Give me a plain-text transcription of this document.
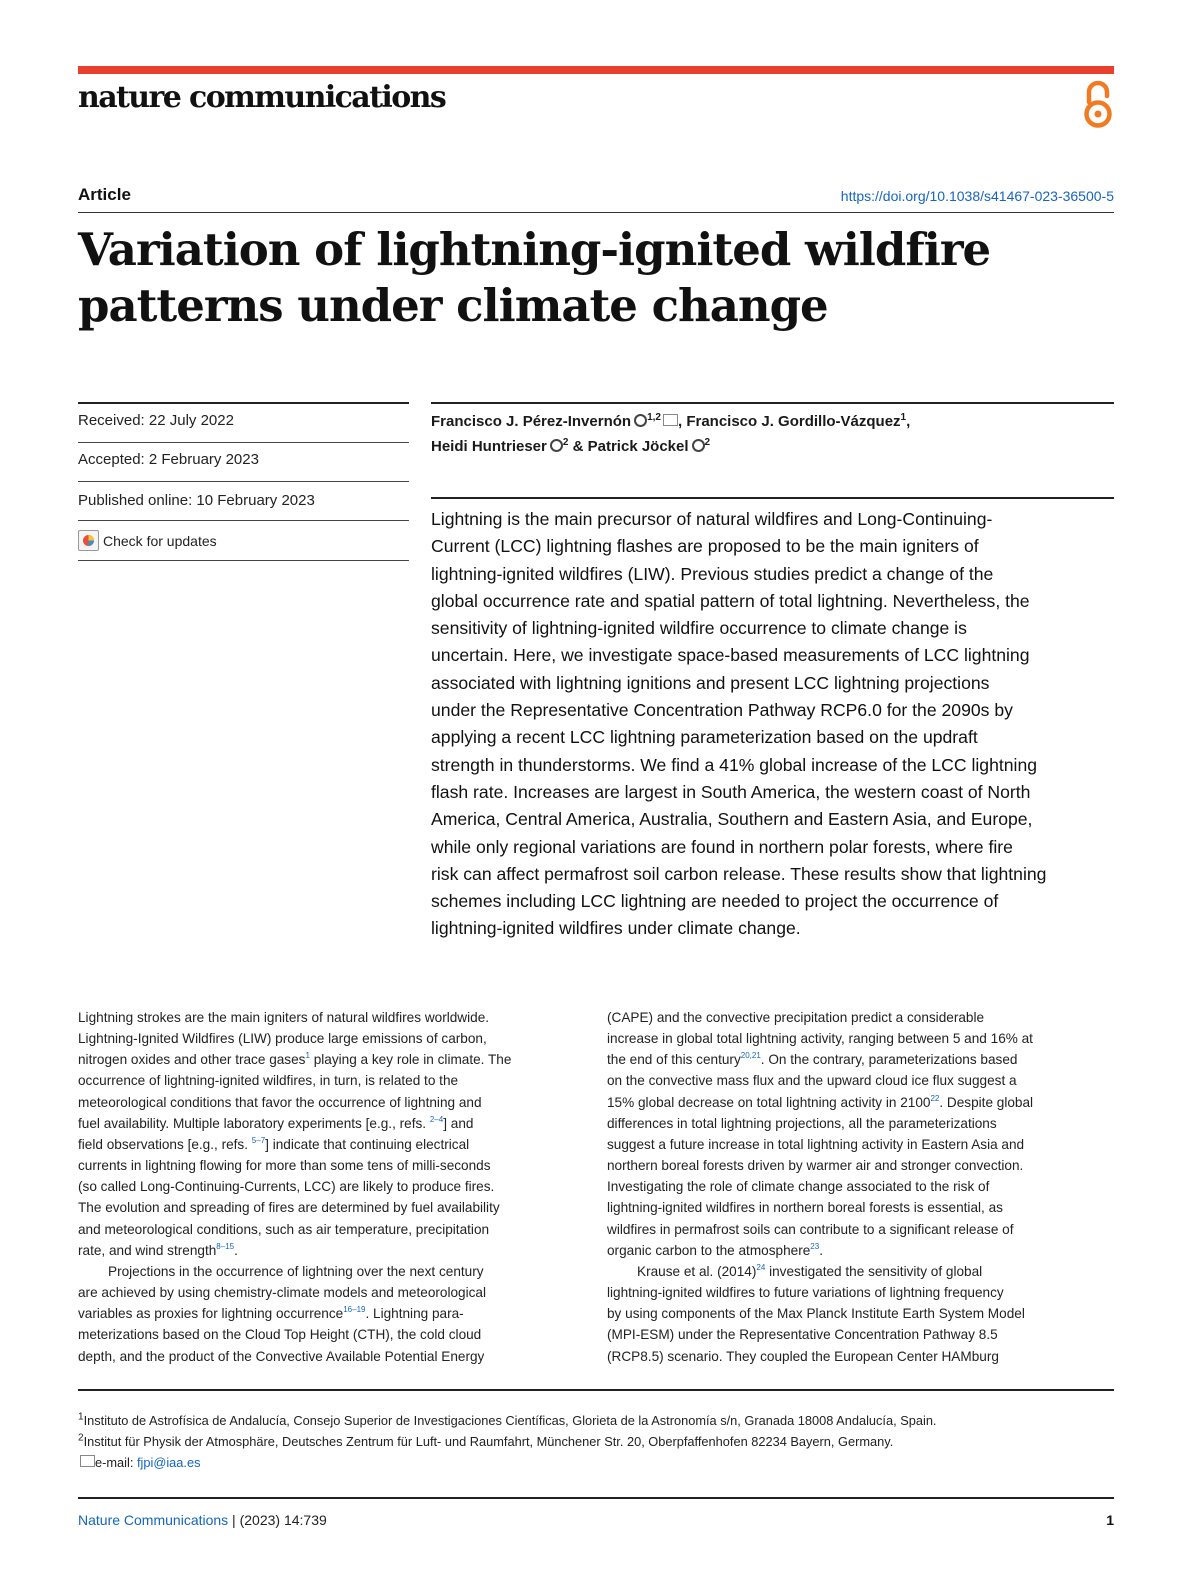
nature communications
Article	https://doi.org/10.1038/s41467-023-36500-5
Variation of lightning-ignited wildfire
patterns under climate change
Received: 22 July 2022
Accepted: 2 February 2023
Published online: 10 February 2023
Check for updates
Francisco J. Pérez-Invernón $^{1,2}$ , Francisco J. Gordillo-Vázquez$^1$,
Heidi Huntrieser $^2$ & Patrick Jöckel $^2$
Lightning is the main precursor of natural wildfires and Long-Continuing-
Current (LCC) lightning flashes are proposed to be the main igniters of
lightning-ignited wildfires (LIW). Previous studies predict a change of the
global occurrence rate and spatial pattern of total lightning. Nevertheless, the
sensitivity of lightning-ignited wildfire occurrence to climate change is
uncertain. Here, we investigate space-based measurements of LCC lightning
associated with lightning ignitions and present LCC lightning projections
under the Representative Concentration Pathway RCP6.0 for the 2090s by
applying a recent LCC lightning parameterization based on the updraft
strength in thunderstorms. We find a 41% global increase of the LCC lightning
flash rate. Increases are largest in South America, the western coast of North
America, Central America, Australia, Southern and Eastern Asia, and Europe,
while only regional variations are found in northern polar forests, where fire
risk can affect permafrost soil carbon release. These results show that lightning
schemes including LCC lightning are needed to project the occurrence of
lightning-ignited wildfires under climate change.
Lightning strokes are the main igniters of natural wildfires worldwide.
Lightning-Ignited Wildfires (LIW) produce large emissions of carbon,
nitrogen oxides and other trace gases$^1$ playing a key role in climate. The
occurrence of lightning-ignited wildfires, in turn, is related to the
meteorological conditions that favor the occurrence of lightning and
fuel availability. Multiple laboratory experiments [e.g., refs. $^{2-4}$] and
field observations [e.g., refs. $^{5-7}$] indicate that continuing electrical
currents in lightning flowing for more than some tens of milli-seconds
(so called Long-Continuing-Currents, LCC) are likely to produce fires.
The evolution and spreading of fires are determined by fuel availability
and meteorological conditions, such as air temperature, precipitation
rate, and wind strength$^{8-15}$.
Projections in the occurrence of lightning over the next century
are achieved by using chemistry-climate models and meteorological
variables as proxies for lightning occurrence$^{16-19}$. Lightning para-
meterizations based on the Cloud Top Height (CTH), the cold cloud
depth, and the product of the Convective Available Potential Energy
(CAPE) and the convective precipitation predict a considerable
increase in global total lightning activity, ranging between 5 and 16% at
the end of this century$^{20,21}$. On the contrary, parameterizations based
on the convective mass flux and the upward cloud ice flux suggest a
15% global decrease on total lightning activity in 2100$^{22}$. Despite global
differences in total lightning projections, all the parameterizations
suggest a future increase in total lightning activity in Eastern Asia and
northern boreal forests driven by warmer air and stronger convection.
Investigating the role of climate change associated to the risk of
lightning-ignited wildfires in northern boreal forests is essential, as
wildfires in permafrost soils can contribute to a significant release of
organic carbon to the atmosphere$^{23}$.
Krause et al. (2014)$^{24}$ investigated the sensitivity of global
lightning-ignited wildfires to future variations of lightning frequency
by using components of the Max Planck Institute Earth System Model
(MPI-ESM) under the Representative Concentration Pathway 8.5
(RCP8.5) scenario. They coupled the European Center HAMburg
$^1$Instituto de Astrofísica de Andalucía, Consejo Superior de Investigaciones Científicas, Glorieta de la Astronomía s/n, Granada 18008 Andalucía, Spain.
$^2$Institut für Physik der Atmosphäre, Deutsches Zentrum für Luft- und Raumfahrt, Münchener Str. 20, Oberpfaffenhofen 82234 Bayern, Germany.
e-mail: fjpi@iaa.es
Nature Communications | (2023) 14:739	1
